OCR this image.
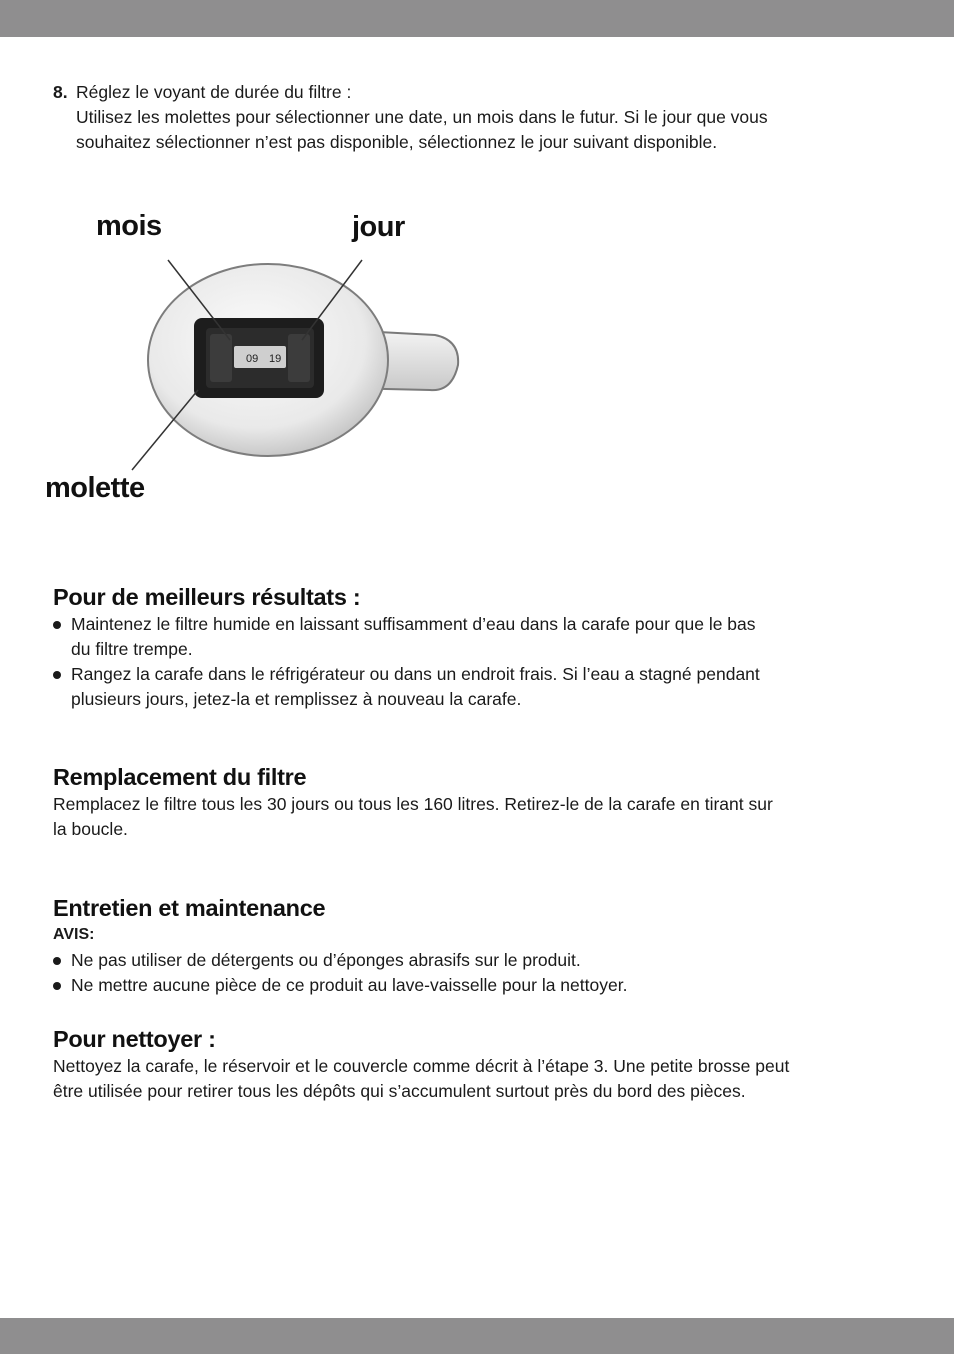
8. Réglez le voyant de durée du filtre :
Utilisez les molettes pour sélectionner une date, un mois dans le futur. Si le jour que vous
souhaitez sélectionner n’est pas disponible, sélectionnez le jour suivant disponible.
09 19
mois	jour
molette
Pour de meilleurs résultats :
Maintenez le filtre humide en laissant suffisamment d’eau dans la carafe pour que le bas
du filtre trempe.
Rangez la carafe dans le réfrigérateur ou dans un endroit frais. Si l’eau a stagné pendant
plusieurs jours, jetez-la et remplissez à nouveau la carafe.
Remplacement du filtre
Remplacez le filtre tous les 30 jours ou tous les 160 litres. Retirez-le de la carafe en tirant sur
la boucle.
Entretien et maintenance
AVIS:
Ne pas utiliser de détergents ou d’éponges abrasifs sur le produit.
Ne mettre aucune pièce de ce produit au lave-vaisselle pour la nettoyer.
Pour nettoyer :
Nettoyez la carafe, le réservoir et le couvercle comme décrit à l’étape 3. Une petite brosse peut
être utilisée pour retirer tous les dépôts qui s’accumulent surtout près du bord des pièces.
